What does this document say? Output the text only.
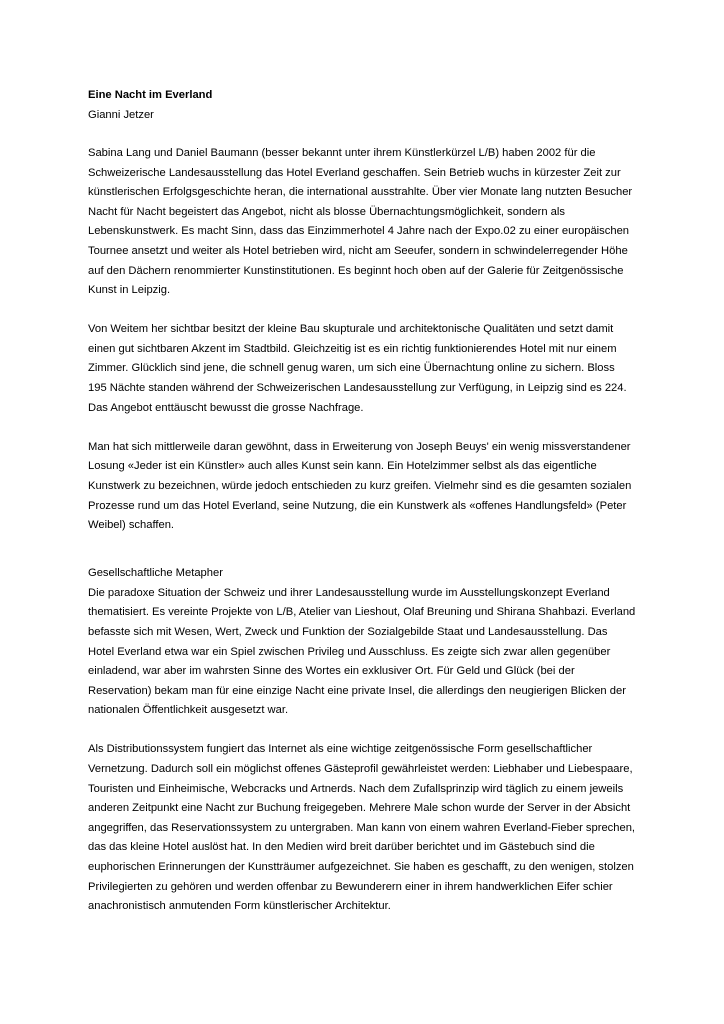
Eine Nacht im Everland

Gianni Jetzer

Sabina Lang und Daniel Baumann (besser bekannt unter ihrem Künstlerkürzel L/B) haben 2002 für die Schweizerische Landesausstellung das Hotel Everland geschaffen. Sein Betrieb wuchs in kürzester Zeit zur künstlerischen Erfolgsgeschichte heran, die international ausstrahlte. Über vier Monate lang nutzten Besucher Nacht für Nacht begeistert das Angebot, nicht als blosse Übernachtungsmöglichkeit, sondern als Lebenskunstwerk. Es macht Sinn, dass das Einzimmerhotel 4 Jahre nach der Expo.02 zu einer europäischen Tournee ansetzt und weiter als Hotel betrieben wird, nicht am Seeufer, sondern in schwindelerregender Höhe auf den Dächern renommierter Kunstinstitutionen. Es beginnt hoch oben auf der Galerie für Zeitgenössische Kunst in Leipzig.

Von Weitem her sichtbar besitzt der kleine Bau skupturale und architektonische Qualitäten und setzt damit einen gut sichtbaren Akzent im Stadtbild. Gleichzeitig ist es ein richtig funktionierendes Hotel mit nur einem Zimmer. Glücklich sind jene, die schnell genug waren, um sich eine Übernachtung online zu sichern. Bloss 195 Nächte standen während der Schweizerischen Landesausstellung zur Verfügung, in Leipzig sind es 224. Das Angebot enttäuscht bewusst die grosse Nachfrage.

Man hat sich mittlerweile daran gewöhnt, dass in Erweiterung von Joseph Beuys' ein wenig missverstandener Losung «Jeder ist ein Künstler» auch alles Kunst sein kann. Ein Hotelzimmer selbst als das eigentliche Kunstwerk zu bezeichnen, würde jedoch entschieden zu kurz greifen. Vielmehr sind es die gesamten sozialen Prozesse rund um das Hotel Everland, seine Nutzung, die ein Kunstwerk als «offenes Handlungsfeld» (Peter Weibel) schaffen.

Gesellschaftliche Metapher

Die paradoxe Situation der Schweiz und ihrer Landesausstellung wurde im Ausstellungskonzept Everland thematisiert. Es vereinte Projekte von L/B, Atelier van Lieshout, Olaf Breuning und Shirana Shahbazi. Everland befasste sich mit Wesen, Wert, Zweck und Funktion der Sozialgebilde Staat und Landesausstellung. Das Hotel Everland etwa war ein Spiel zwischen Privileg und Ausschluss. Es zeigte sich zwar allen gegenüber einladend, war aber im wahrsten Sinne des Wortes ein exklusiver Ort. Für Geld und Glück (bei der Reservation) bekam man für eine einzige Nacht eine private Insel, die allerdings den neugierigen Blicken der nationalen Öffentlichkeit ausgesetzt war.

Als Distributionssystem fungiert das Internet als eine wichtige zeitgenössische Form gesellschaftlicher Vernetzung. Dadurch soll ein möglichst offenes Gästeprofil gewährleistet werden: Liebhaber und Liebespaare, Touristen und Einheimische, Webcracks und Artnerds. Nach dem Zufallsprinzip wird täglich zu einem jeweils anderen Zeitpunkt eine Nacht zur Buchung freigegeben. Mehrere Male schon wurde der Server in der Absicht angegriffen, das Reservationssystem zu untergraben. Man kann von einem wahren Everland-Fieber sprechen, das das kleine Hotel auslöst hat. In den Medien wird breit darüber berichtet und im Gästebuch sind die euphorischen Erinnerungen der Kunstträumer aufgezeichnet. Sie haben es geschafft, zu den wenigen, stolzen Privilegierten zu gehören und werden offenbar zu Bewunderern einer in ihrem handwerklichen Eifer schier anachronistisch anmutenden Form künstlerischer Architektur.
